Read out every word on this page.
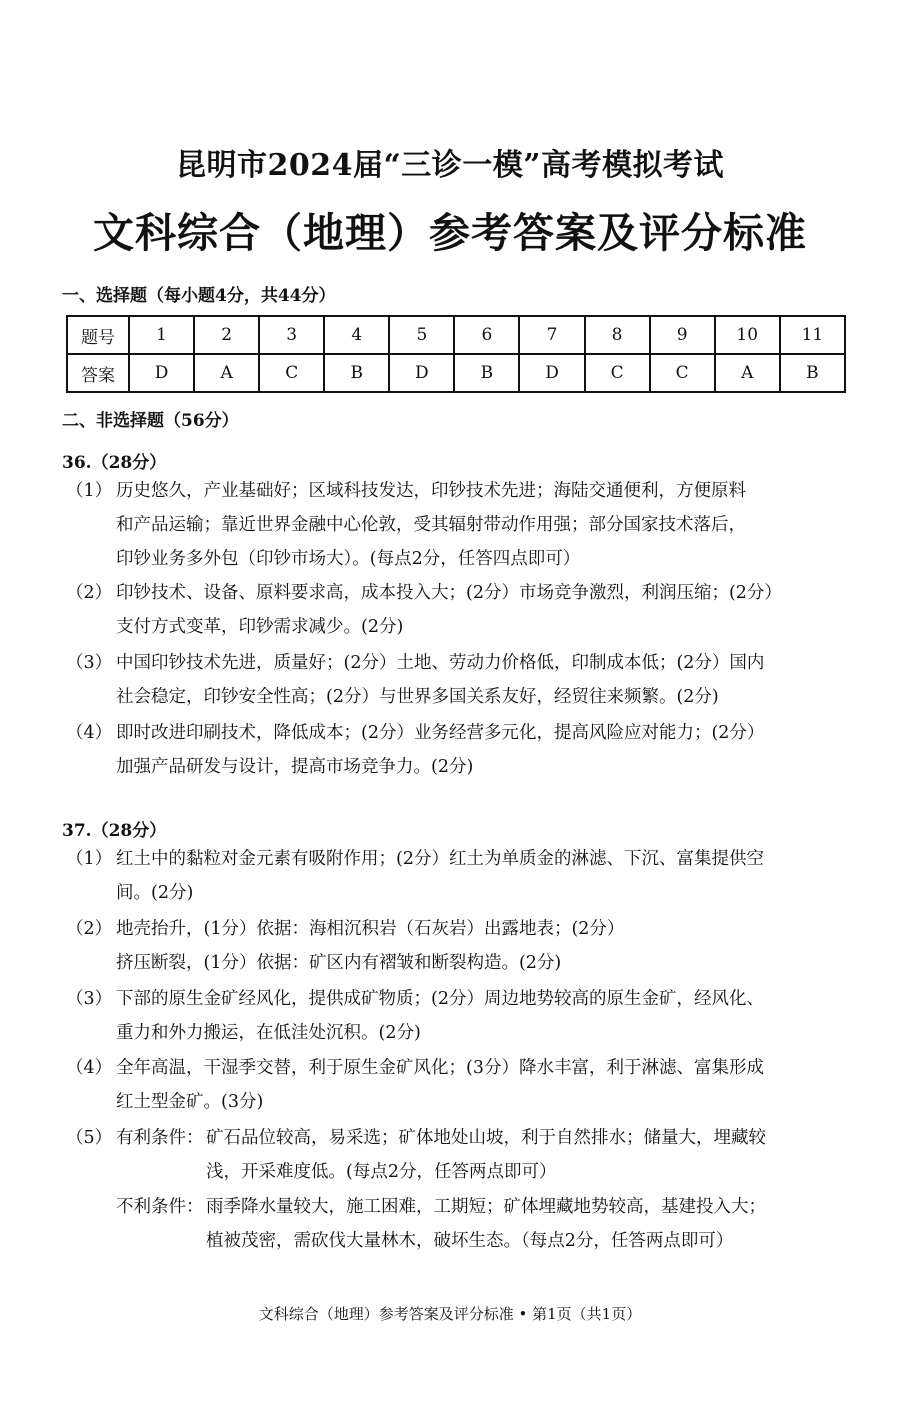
昆明市2024届“三诊一模”高考模拟考试
文科综合（地理）参考答案及评分标准
一、选择题（每小题4分，共44分）
题号	1	2	3	4	5	6	7	8	9	10	11
答案	D	A	C	B	D	B	D	C	C	A	B
二、非选择题（56分）
36.（28分）
（1） 历史悠久，产业基础好；区域科技发达，印钞技术先进；海陆交通便利，方便原料
和产品运输；靠近世界金融中心伦敦，受其辐射带动作用强；部分国家技术落后，
印钞业务多外包（印钞市场大）。(每点2分，任答四点即可）
（2） 印钞技术、设备、原料要求高，成本投入大；(2分）市场竞争激烈，利润压缩；(2分）
支付方式变革，印钞需求减少。(2分)
（3） 中国印钞技术先进，质量好；(2分）土地、劳动力价格低，印制成本低；(2分）国内
社会稳定，印钞安全性高；(2分）与世界多国关系友好，经贸往来频繁。(2分)
（4） 即时改进印刷技术，降低成本；(2分）业务经营多元化，提高风险应对能力；(2分）
加强产品研发与设计，提高市场竞争力。(2分)
37.（28分）
（1） 红土中的黏粒对金元素有吸附作用；(2分）红土为单质金的淋滤、下沉、富集提供空
间。(2分)
（2） 地壳抬升，(1分）依据：海相沉积岩（石灰岩）出露地表；(2分）
挤压断裂，(1分）依据：矿区内有褶皱和断裂构造。(2分)
（3） 下部的原生金矿经风化，提供成矿物质；(2分）周边地势较高的原生金矿，经风化、
重力和外力搬运，在低洼处沉积。(2分)
（4） 全年高温，干湿季交替，利于原生金矿风化；(3分）降水丰富，利于淋滤、富集形成
红土型金矿。(3分)
（5） 有利条件： 矿石品位较高，易采选；矿体地处山坡，利于自然排水；储量大，埋藏较
浅，开采难度低。(每点2分，任答两点即可）
不利条件： 雨季降水量较大，施工困难，工期短；矿体埋藏地势较高，基建投入大；
植被茂密，需砍伐大量林木，破坏生态。（每点2分，任答两点即可）
文科综合（地理）参考答案及评分标准 • 第1页（共1页）
